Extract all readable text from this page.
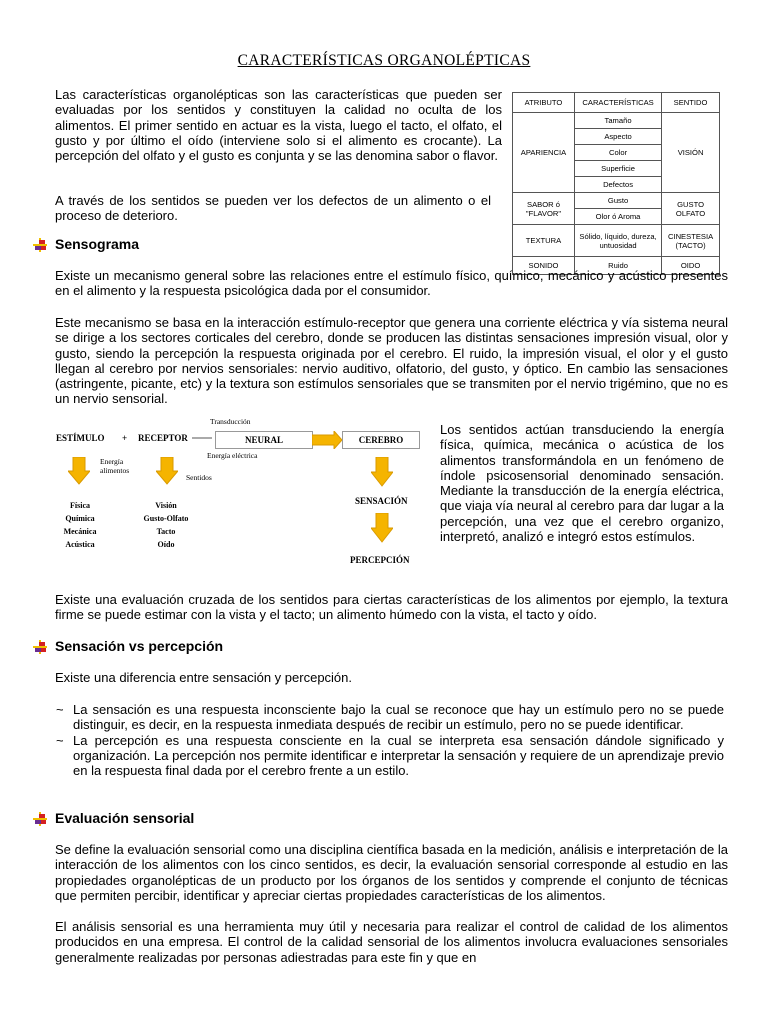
CARACTERÍSTICAS ORGANOLÉPTICAS

Las características organolépticas son las características que pueden ser evaluadas por los sentidos y constituyen la calidad no oculta de los alimentos. El primer sentido en actuar es la vista, luego el tacto, el olfato, el gusto y por último el oído (interviene solo si el alimento es crocante). La percepción del olfato y el gusto es conjunta y se las denomina sabor o flavor.

A través de los sentidos se pueden ver los defectos de un alimento o el proceso de deterioro.

ATRIBUTO	CARACTERÍSTICAS	SENTIDO
APARIENCIA	Tamaño	VISIÓN
	Aspecto	
	Color	
	Superficie	
	Defectos	
SABOR ó "FLAVOR"	Gusto	GUSTO OLFATO
	Olor ó Aroma	
TEXTURA	Sólido, líquido, dureza, untuosidad	CINESTESIA (TACTO)
SONIDO	Ruido	OIDO
Sensograma

Existe un mecanismo general sobre las relaciones entre el estímulo físico, químico, mecánico y acústico presentes en el alimento y la respuesta psicológica dada por el consumidor.

Este mecanismo se basa en la interacción estímulo-receptor que genera una corriente eléctrica y vía sistema neural se dirige a los sectores corticales del cerebro, donde se producen las distintas sensaciones impresión visual, olor y gusto, siendo la percepción la respuesta originada por el cerebro. El ruido, la impresión visual, el olor y el gusto llegan al cerebro por nervios sensoriales: nervio auditivo, olfatorio, del gusto, y óptico. En cambio las sensaciones (astringente, picante, etc) y la textura son estímulos sensoriales que se transmiten por el nervio trigémino, que no es un nervio sensorial.

Transducción
ESTÍMULO + RECEPTOR	NEURAL	CEREBRO
Energía eléctrica
Energía alimentos
Sentidos
Física
Química
Mecánica
Acústica
Visión
Gusto-Olfato
Tacto
Oído
SENSACIÓN
PERCEPCIÓN

Los sentidos actúan transduciendo la energía física, química, mecánica o acústica de los alimentos transformándola en un fenómeno de índole psicosensorial denominado sensación. Mediante la transducción de la energía eléctrica, que viaja vía neural al cerebro para dar lugar a la percepción, una vez que el cerebro organizo, interpretó, analizó e integró estos estímulos.

Existe una evaluación cruzada de los sentidos para ciertas características de los alimentos por ejemplo, la textura firme se puede estimar con la vista y el tacto; un alimento húmedo con la vista, el tacto y oído.

Sensación vs percepción

Existe una diferencia entre sensación y percepción.

~ La sensación es una respuesta inconsciente bajo la cual se reconoce que hay un estímulo pero no se puede distinguir, es decir, en la respuesta inmediata después de recibir un estímulo, pero no se puede identificar.
~ La percepción es una respuesta consciente en la cual se interpreta esa sensación dándole significado y organización. La percepción nos permite identificar e interpretar la sensación y requiere de un aprendizaje previo en la respuesta final dada por el cerebro frente a un estilo.
Evaluación sensorial

Se define la evaluación sensorial como una disciplina científica basada en la medición, análisis e interpretación de la interacción de los alimentos con los cinco sentidos, es decir, la evaluación sensorial corresponde al estudio en las propiedades organolépticas de un producto por los órganos de los sentidos y comprende el conjunto de técnicas que permiten percibir, identificar y apreciar ciertas propiedades características de los alimentos.

El análisis sensorial es una herramienta muy útil y necesaria para realizar el control de calidad de los alimentos producidos en una empresa. El control de la calidad sensorial de los alimentos involucra evaluaciones sensoriales generalmente realizadas por personas adiestradas para este fin y que en
